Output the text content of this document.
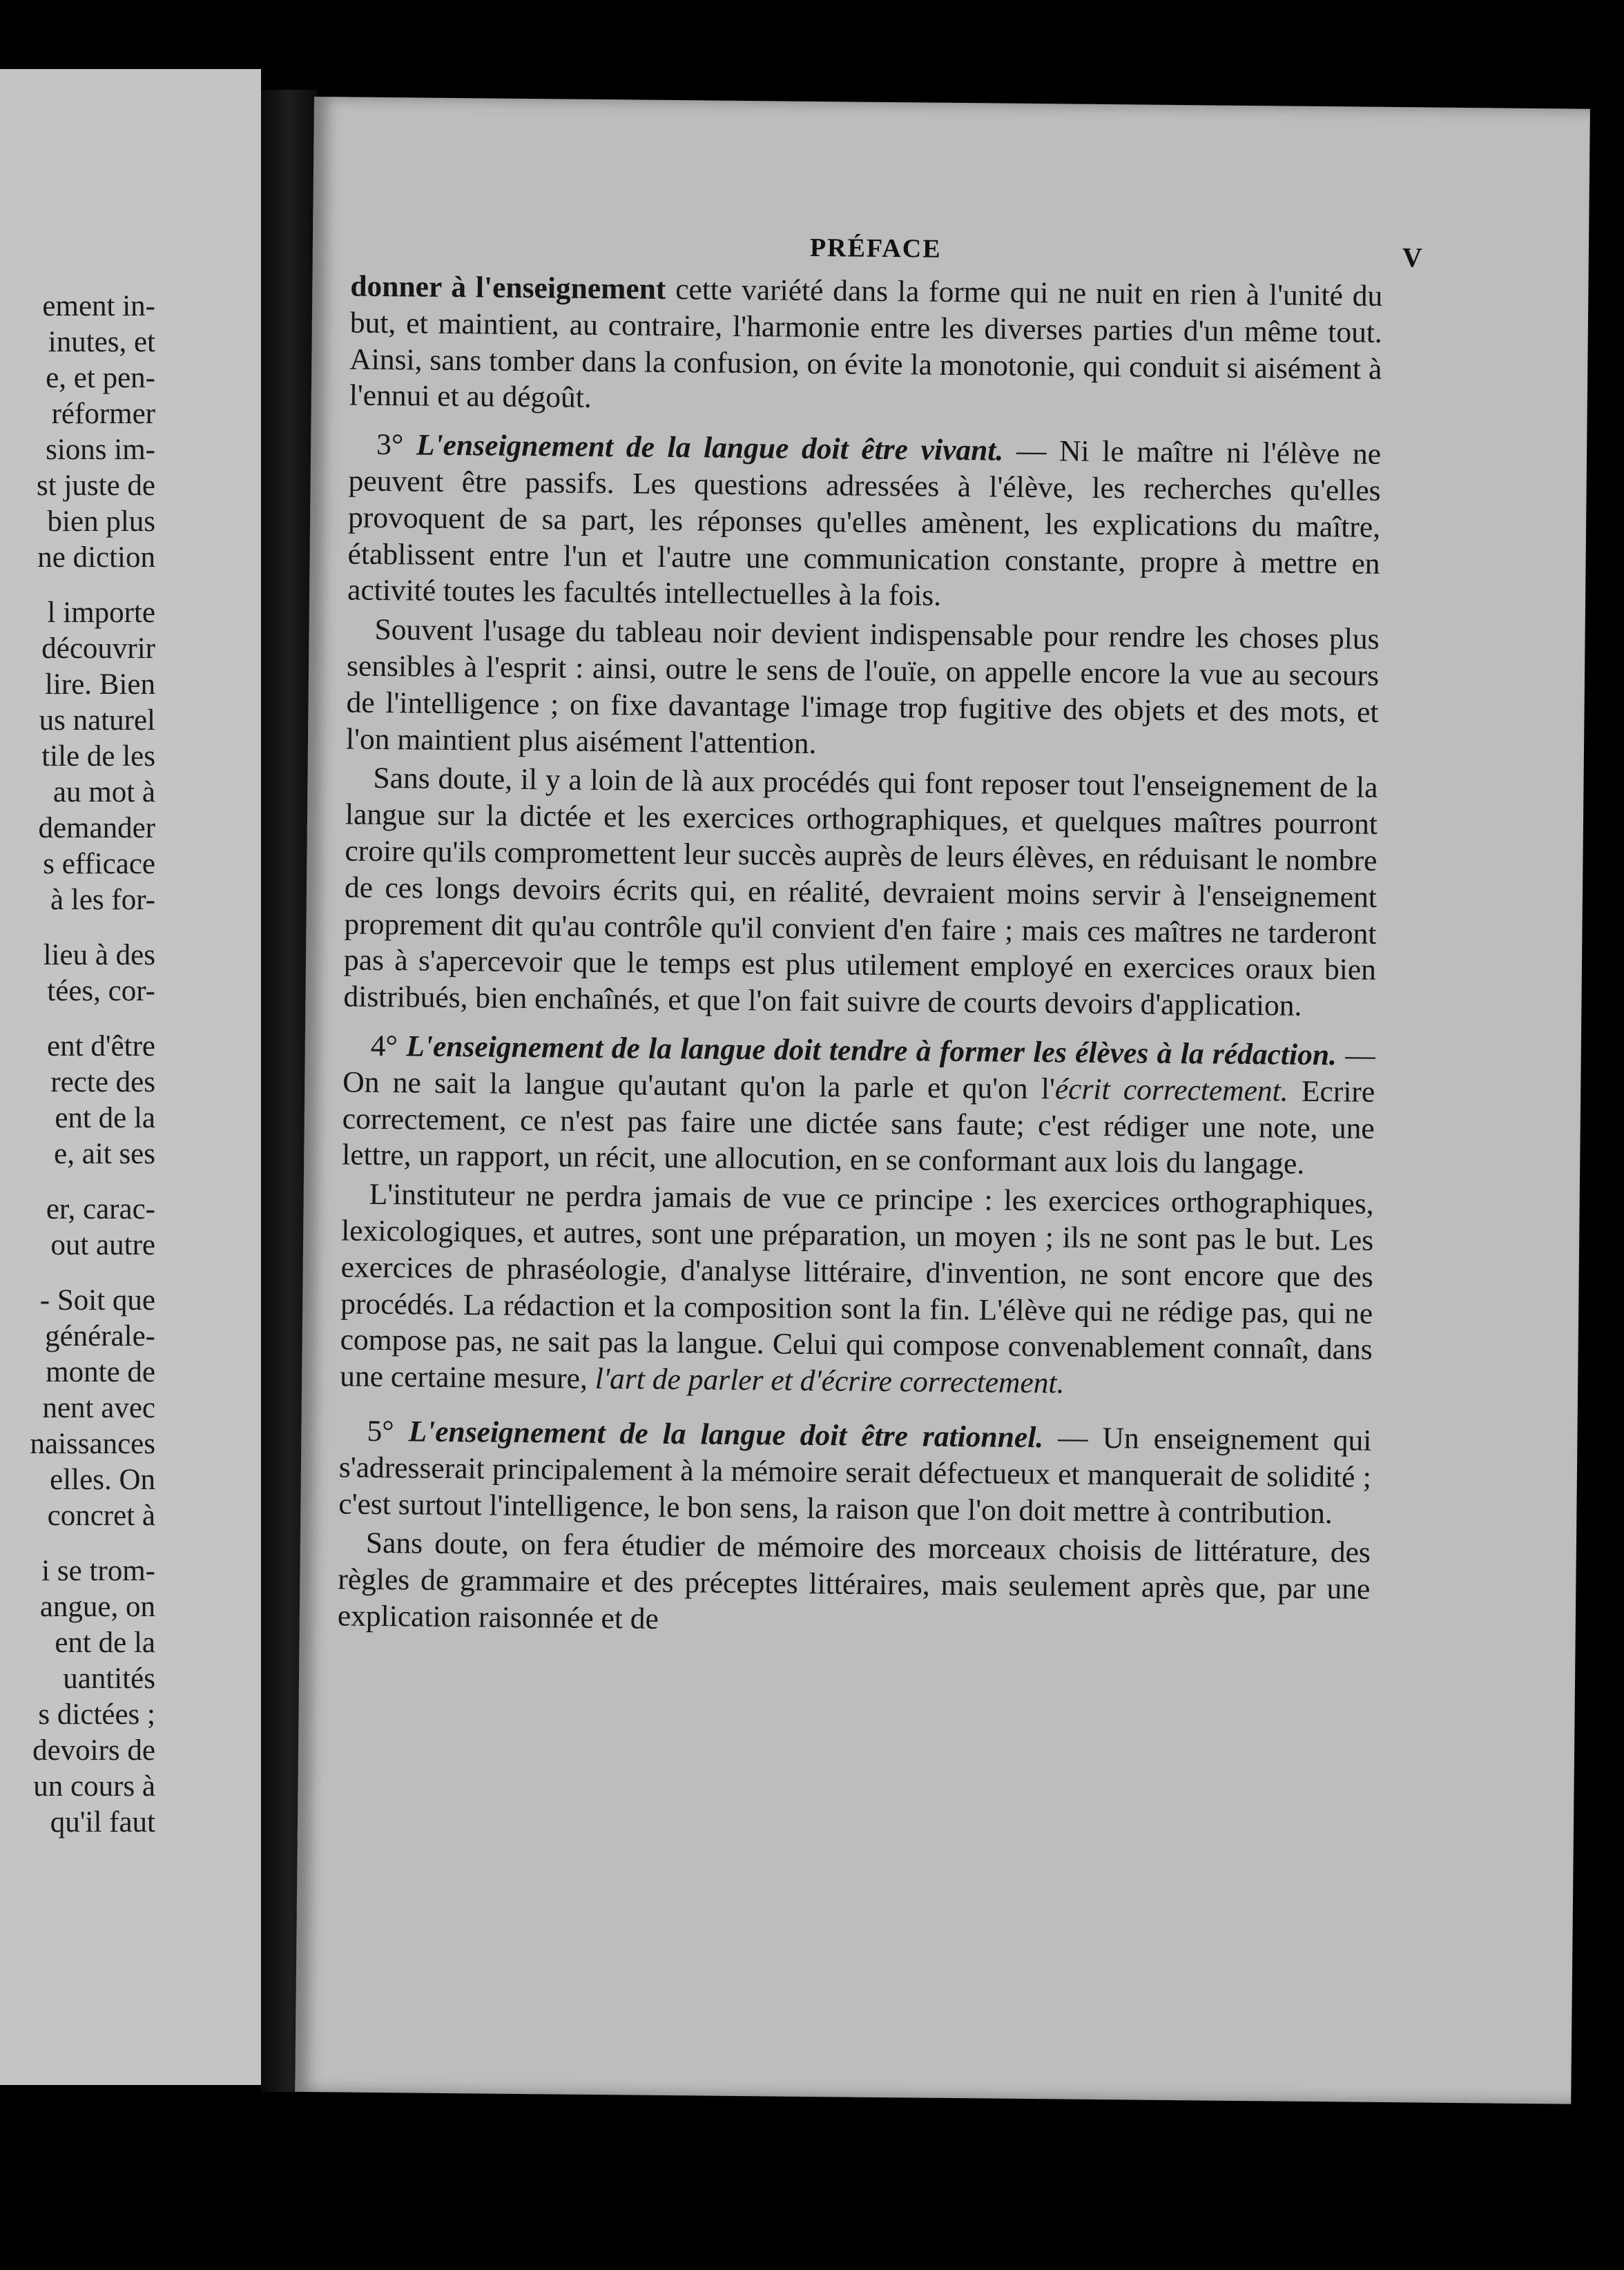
ement in-
inutes, et
e, et pen-
réformer
sions im-
st juste de
bien plus
ne diction
l importe
découvrir
lire. Bien
us naturel
tile de les
au mot à
demander
s efficace
à les for-
lieu à des
tées, cor-
ent d'être
recte des
ent de la
e, ait ses
er, carac-
out autre
- Soit que
générale-
monte de
nent avec
naissances
elles. On
concret à
i se trom-
angue, on
ent de la
uantités
s dictées ;
devoirs de
un cours à
qu'il faut
PRÉFACE	V

donner à l'enseignement cette variété dans la forme qui ne nuit en rien à l'unité du but, et maintient, au contraire, l'harmonie entre les diverses parties d'un même tout. Ainsi, sans tomber dans la confusion, on évite la monotonie, qui conduit si aisément à l'ennui et au dégoût.

3° L'enseignement de la langue doit être vivant. — Ni le maître ni l'élève ne peuvent être passifs. Les questions adressées à l'élève, les recherches qu'elles provoquent de sa part, les réponses qu'elles amènent, les explications du maître, établissent entre l'un et l'autre une communication constante, propre à mettre en activité toutes les facultés intellectuelles à la fois.

Souvent l'usage du tableau noir devient indispensable pour rendre les choses plus sensibles à l'esprit : ainsi, outre le sens de l'ouïe, on appelle encore la vue au secours de l'intelligence ; on fixe davantage l'image trop fugitive des objets et des mots, et l'on maintient plus aisément l'attention.

Sans doute, il y a loin de là aux procédés qui font reposer tout l'enseignement de la langue sur la dictée et les exercices orthographiques, et quelques maîtres pourront croire qu'ils compromettent leur succès auprès de leurs élèves, en réduisant le nombre de ces longs devoirs écrits qui, en réalité, devraient moins servir à l'enseignement proprement dit qu'au contrôle qu'il convient d'en faire ; mais ces maîtres ne tarderont pas à s'apercevoir que le temps est plus utilement employé en exercices oraux bien distribués, bien enchaînés, et que l'on fait suivre de courts devoirs d'application.

4° L'enseignement de la langue doit tendre à former les élèves à la rédaction. — On ne sait la langue qu'autant qu'on la parle et qu'on l'écrit correctement. Ecrire correctement, ce n'est pas faire une dictée sans faute; c'est rédiger une note, une lettre, un rapport, un récit, une allocution, en se conformant aux lois du langage.

L'instituteur ne perdra jamais de vue ce principe : les exercices orthographiques, lexicologiques, et autres, sont une préparation, un moyen ; ils ne sont pas le but. Les exercices de phraséologie, d'analyse littéraire, d'invention, ne sont encore que des procédés. La rédaction et la composition sont la fin. L'élève qui ne rédige pas, qui ne compose pas, ne sait pas la langue. Celui qui compose convenablement connaît, dans une certaine mesure, l'art de parler et d'écrire correctement.

5° L'enseignement de la langue doit être rationnel. — Un enseignement qui s'adresserait principalement à la mémoire serait défectueux et manquerait de solidité ; c'est surtout l'intelligence, le bon sens, la raison que l'on doit mettre à contribution.

Sans doute, on fera étudier de mémoire des morceaux choisis de littérature, des règles de grammaire et des préceptes littéraires, mais seulement après que, par une explication raisonnée et de
